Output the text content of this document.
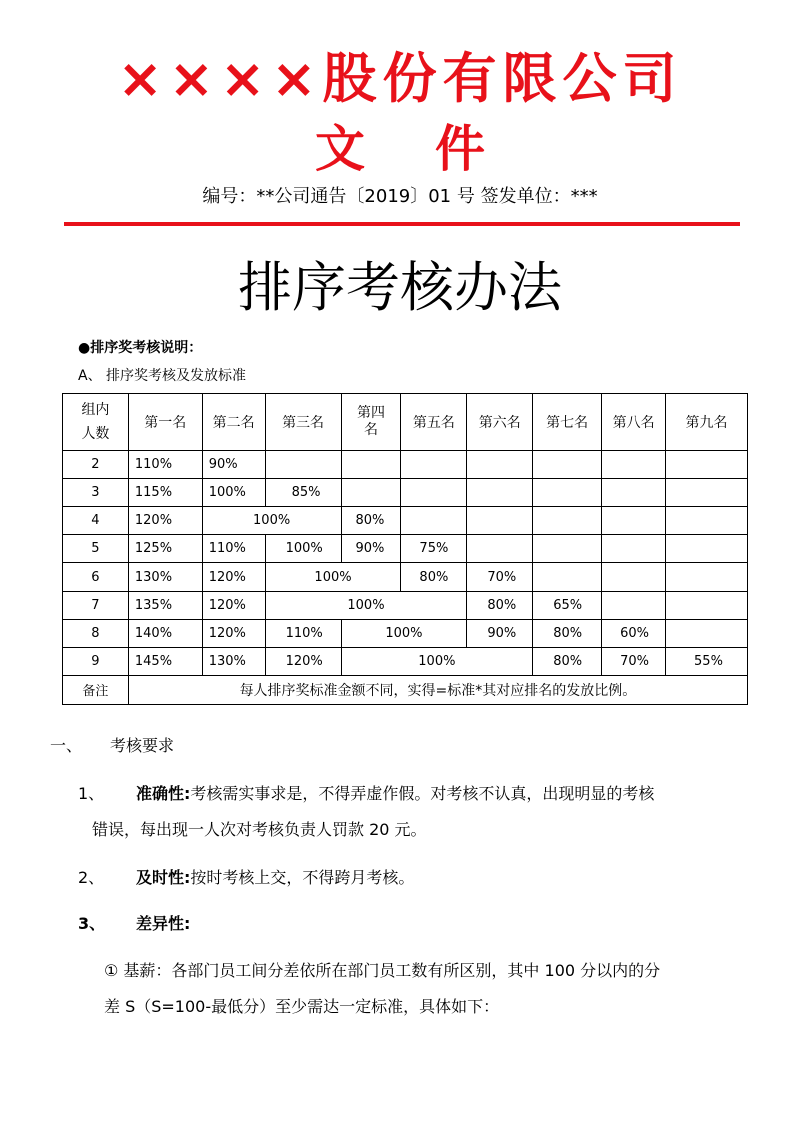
××××股份有限公司
文 件
编号：**公司通告〔2019〕01 号 签发单位：***
排序考核办法
●排序奖考核说明：
A、 排序奖考核及发放标准
组内人数	第一名	第二名	第三名	第四名	第五名	第六名	第七名	第八名	第九名
2	110%	90%							
3	115%	100%	85%						
4	120%	100%		80%					
5	125%	110%	100%	90%	75%				
6	130%	120%	100%		80%	70%			
7	135%	120%	100%			80%	65%		
8	140%	120%	110%	100%		90%	80%	60%	
9	145%	130%	120%	100%			80%	70%	55%
备注	每人排序奖标准金额不同，实得=标准*其对应排名的发放比例。								
一、 考核要求
1、 准确性:考核需实事求是，不得弄虚作假。对考核不认真，出现明显的考核
错误，每出现一人次对考核负责人罚款 20 元。
2、 及时性:按时考核上交，不得跨月考核。
3、 差异性:
① 基薪：各部门员工间分差依所在部门员工数有所区别，其中 100 分以内的分
差 S（S=100-最低分）至少需达一定标准，具体如下：
